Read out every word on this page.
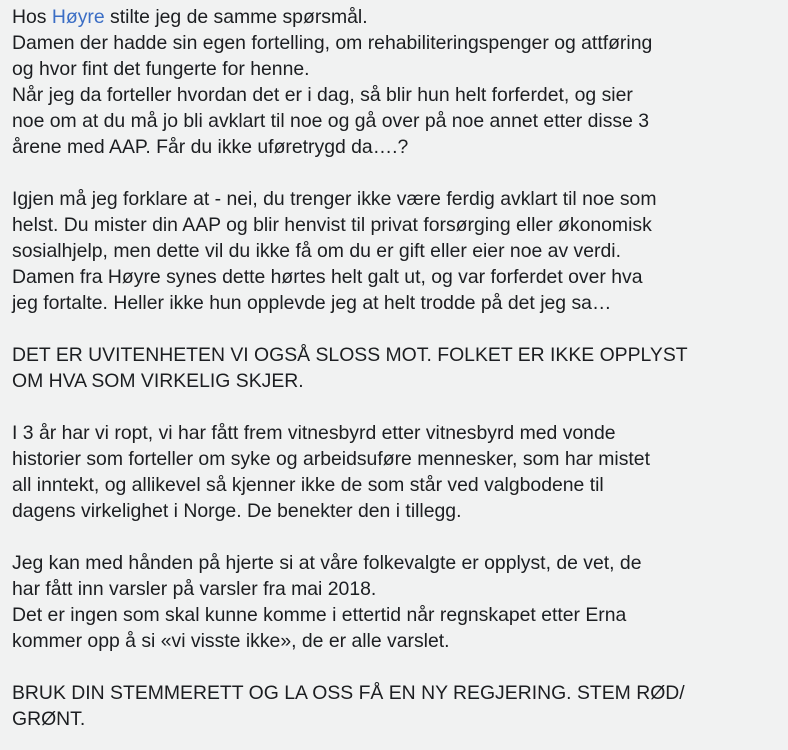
Hos Høyre stilte jeg de samme spørsmål.
Damen der hadde sin egen fortelling, om rehabiliteringspenger og attføring
og hvor fint det fungerte for henne.
Når jeg da forteller hvordan det er i dag, så blir hun helt forferdet, og sier
noe om at du må jo bli avklart til noe og gå over på noe annet etter disse 3
årene med AAP. Får du ikke uføretrygd da….?
Igjen må jeg forklare at - nei, du trenger ikke være ferdig avklart til noe som
helst. Du mister din AAP og blir henvist til privat forsørging eller økonomisk
sosialhjelp, men dette vil du ikke få om du er gift eller eier noe av verdi.
Damen fra Høyre synes dette hørtes helt galt ut, og var forferdet over hva
jeg fortalte. Heller ikke hun opplevde jeg at helt trodde på det jeg sa…
DET ER UVITENHETEN VI OGSÅ SLOSS MOT. FOLKET ER IKKE OPPLYST
OM HVA SOM VIRKELIG SKJER.
I 3 år har vi ropt, vi har fått frem vitnesbyrd etter vitnesbyrd med vonde
historier som forteller om syke og arbeidsuføre mennesker, som har mistet
all inntekt, og allikevel så kjenner ikke de som står ved valgbodene til
dagens virkelighet i Norge. De benekter den i tillegg.
Jeg kan med hånden på hjerte si at våre folkevalgte er opplyst, de vet, de
har fått inn varsler på varsler fra mai 2018.
Det er ingen som skal kunne komme i ettertid når regnskapet etter Erna
kommer opp å si «vi visste ikke», de er alle varslet.
BRUK DIN STEMMERETT OG LA OSS FÅ EN NY REGJERING. STEM RØD/
GRØNT.
